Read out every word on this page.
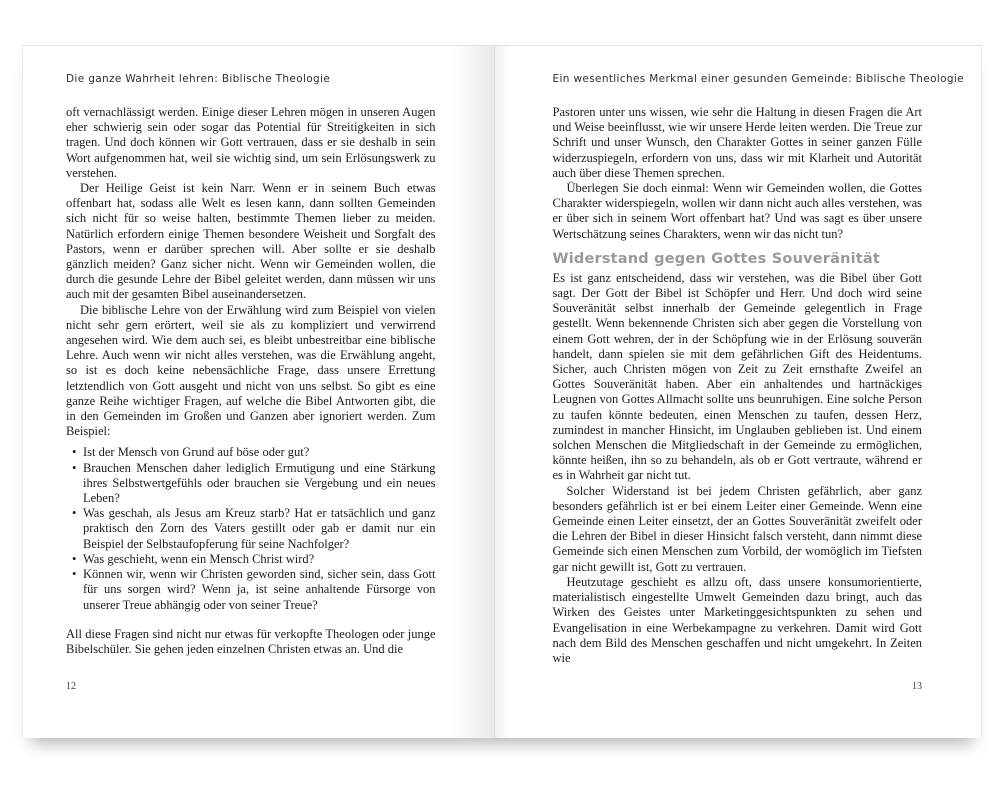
Die ganze Wahrheit lehren: Biblische Theologie

oft vernachlässigt werden. Einige dieser Lehren mögen in unseren Augen eher schwierig sein oder sogar das Potential für Streitigkeiten in sich tragen. Und doch können wir Gott vertrauen, dass er sie deshalb in sein Wort aufgenommen hat, weil sie wichtig sind, um sein Erlösungswerk zu verstehen.

Der Heilige Geist ist kein Narr. Wenn er in seinem Buch etwas offenbart hat, sodass alle Welt es lesen kann, dann sollten Gemeinden sich nicht für so weise halten, bestimmte Themen lieber zu meiden. Natürlich erfordern einige Themen besondere Weisheit und Sorgfalt des Pastors, wenn er darüber sprechen will. Aber sollte er sie deshalb gänzlich meiden? Ganz sicher nicht. Wenn wir Gemeinden wollen, die durch die gesunde Lehre der Bibel geleitet werden, dann müssen wir uns auch mit der gesamten Bibel auseinandersetzen.

Die biblische Lehre von der Erwählung wird zum Beispiel von vielen nicht sehr gern erörtert, weil sie als zu kompliziert und verwirrend angesehen wird. Wie dem auch sei, es bleibt unbestreitbar eine biblische Lehre. Auch wenn wir nicht alles verstehen, was die Erwählung angeht, so ist es doch keine nebensächliche Frage, dass unsere Errettung letztendlich von Gott ausgeht und nicht von uns selbst. So gibt es eine ganze Reihe wichtiger Fragen, auf welche die Bibel Antworten gibt, die in den Gemeinden im Großen und Ganzen aber ignoriert werden. Zum Beispiel:

• Ist der Mensch von Grund auf böse oder gut?
• Brauchen Menschen daher lediglich Ermutigung und eine Stärkung ihres Selbstwertgefühls oder brauchen sie Vergebung und ein neues Leben?
• Was geschah, als Jesus am Kreuz starb? Hat er tatsächlich und ganz praktisch den Zorn des Vaters gestillt oder gab er damit nur ein Beispiel der Selbstaufopferung für seine Nachfolger?
• Was geschieht, wenn ein Mensch Christ wird?
• Können wir, wenn wir Christen geworden sind, sicher sein, dass Gott für uns sorgen wird? Wenn ja, ist seine anhaltende Fürsorge von unserer Treue abhängig oder von seiner Treue?

All diese Fragen sind nicht nur etwas für verkopfte Theologen oder junge Bibelschüler. Sie gehen jeden einzelnen Christen etwas an. Und die

12
Ein wesentliches Merkmal einer gesunden Gemeinde: Biblische Theologie

Pastoren unter uns wissen, wie sehr die Haltung in diesen Fragen die Art und Weise beeinflusst, wie wir unsere Herde leiten werden. Die Treue zur Schrift und unser Wunsch, den Charakter Gottes in seiner ganzen Fülle widerzuspiegeln, erfordern von uns, dass wir mit Klarheit und Autorität auch über diese Themen sprechen.

Überlegen Sie doch einmal: Wenn wir Gemeinden wollen, die Gottes Charakter widerspiegeln, wollen wir dann nicht auch alles verstehen, was er über sich in seinem Wort offenbart hat? Und was sagt es über unsere Wertschätzung seines Charakters, wenn wir das nicht tun?

Widerstand gegen Gottes Souveränität

Es ist ganz entscheidend, dass wir verstehen, was die Bibel über Gott sagt. Der Gott der Bibel ist Schöpfer und Herr. Und doch wird seine Souveränität selbst innerhalb der Gemeinde gelegentlich in Frage gestellt. Wenn bekennende Christen sich aber gegen die Vorstellung von einem Gott wehren, der in der Schöpfung wie in der Erlösung souverän handelt, dann spielen sie mit dem gefährlichen Gift des Heidentums. Sicher, auch Christen mögen von Zeit zu Zeit ernsthafte Zweifel an Gottes Souveränität haben. Aber ein anhaltendes und hartnäckiges Leugnen von Gottes Allmacht sollte uns beunruhigen. Eine solche Person zu taufen könnte bedeuten, einen Menschen zu taufen, dessen Herz, zumindest in mancher Hinsicht, im Unglauben geblieben ist. Und einem solchen Menschen die Mitgliedschaft in der Gemeinde zu ermöglichen, könnte heißen, ihn so zu behandeln, als ob er Gott vertraute, während er es in Wahrheit gar nicht tut.

Solcher Widerstand ist bei jedem Christen gefährlich, aber ganz besonders gefährlich ist er bei einem Leiter einer Gemeinde. Wenn eine Gemeinde einen Leiter einsetzt, der an Gottes Souveränität zweifelt oder die Lehren der Bibel in dieser Hinsicht falsch versteht, dann nimmt diese Gemeinde sich einen Menschen zum Vorbild, der womöglich im Tiefsten gar nicht gewillt ist, Gott zu vertrauen.

Heutzutage geschieht es allzu oft, dass unsere konsumorientierte, materialistisch eingestellte Umwelt Gemeinden dazu bringt, auch das Wirken des Geistes unter Marketinggesichtspunkten zu sehen und Evangelisation in eine Werbekampagne zu verkehren. Damit wird Gott nach dem Bild des Menschen geschaffen und nicht umgekehrt. In Zeiten wie

13
